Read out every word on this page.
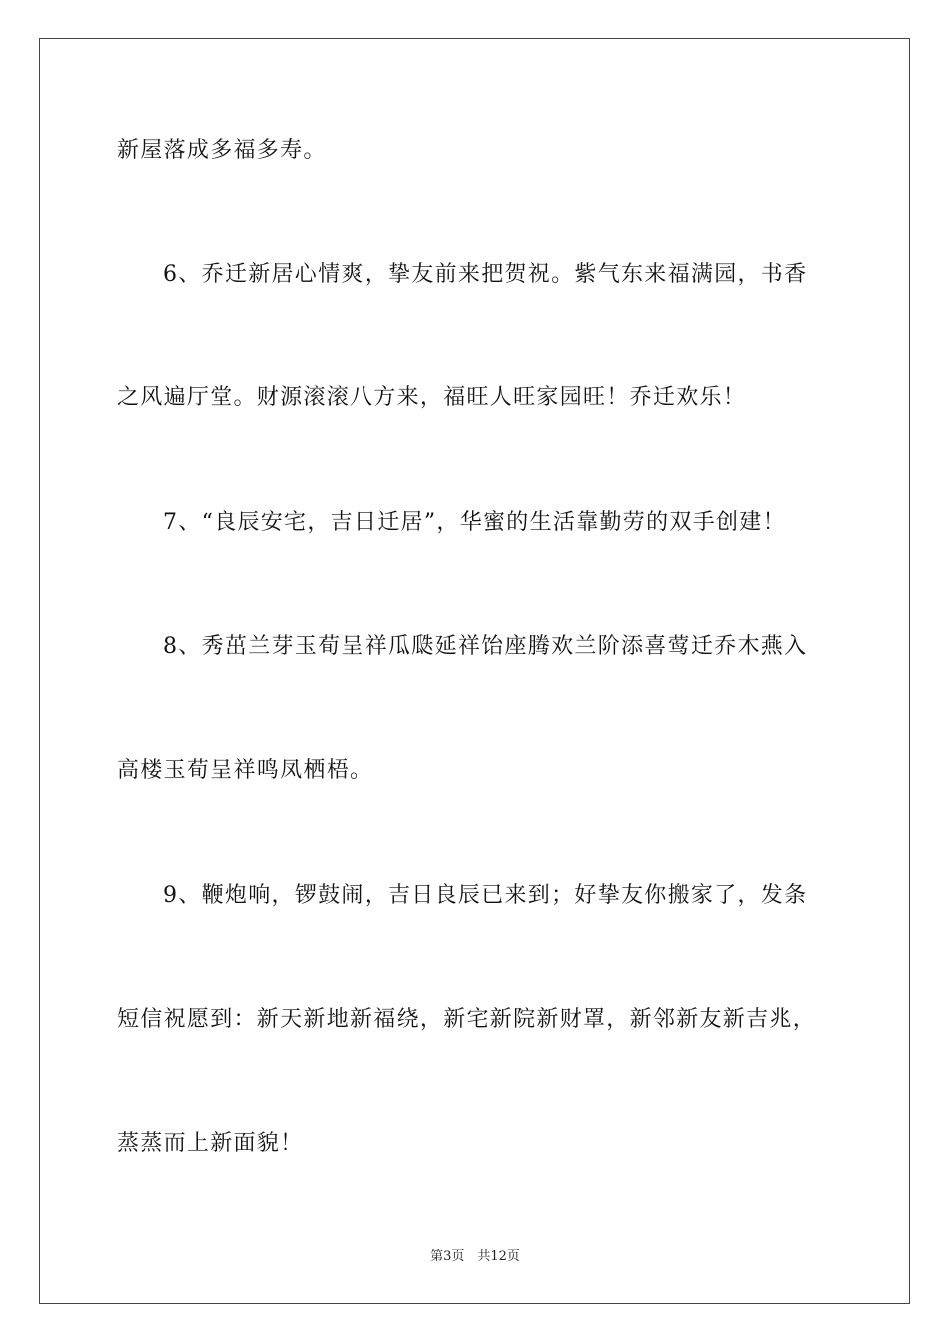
新屋落成多福多寿。
6、乔迁新居心情爽，挚友前来把贺祝。紫气东来福满园，书香
之风遍厅堂。财源滚滚八方来，福旺人旺家园旺！乔迁欢乐！
7、“良辰安宅，吉日迁居”，华蜜的生活靠勤劳的双手创建！
8、秀茁兰芽玉荀呈祥瓜瓞延祥饴座腾欢兰阶添喜莺迁乔木燕入
高楼玉荀呈祥鸣凤栖梧。
9、鞭炮响，锣鼓闹，吉日良辰已来到；好挚友你搬家了，发条
短信祝愿到：新天新地新福绕，新宅新院新财罩，新邻新友新吉兆，
蒸蒸而上新面貌！
第3页　共12页
